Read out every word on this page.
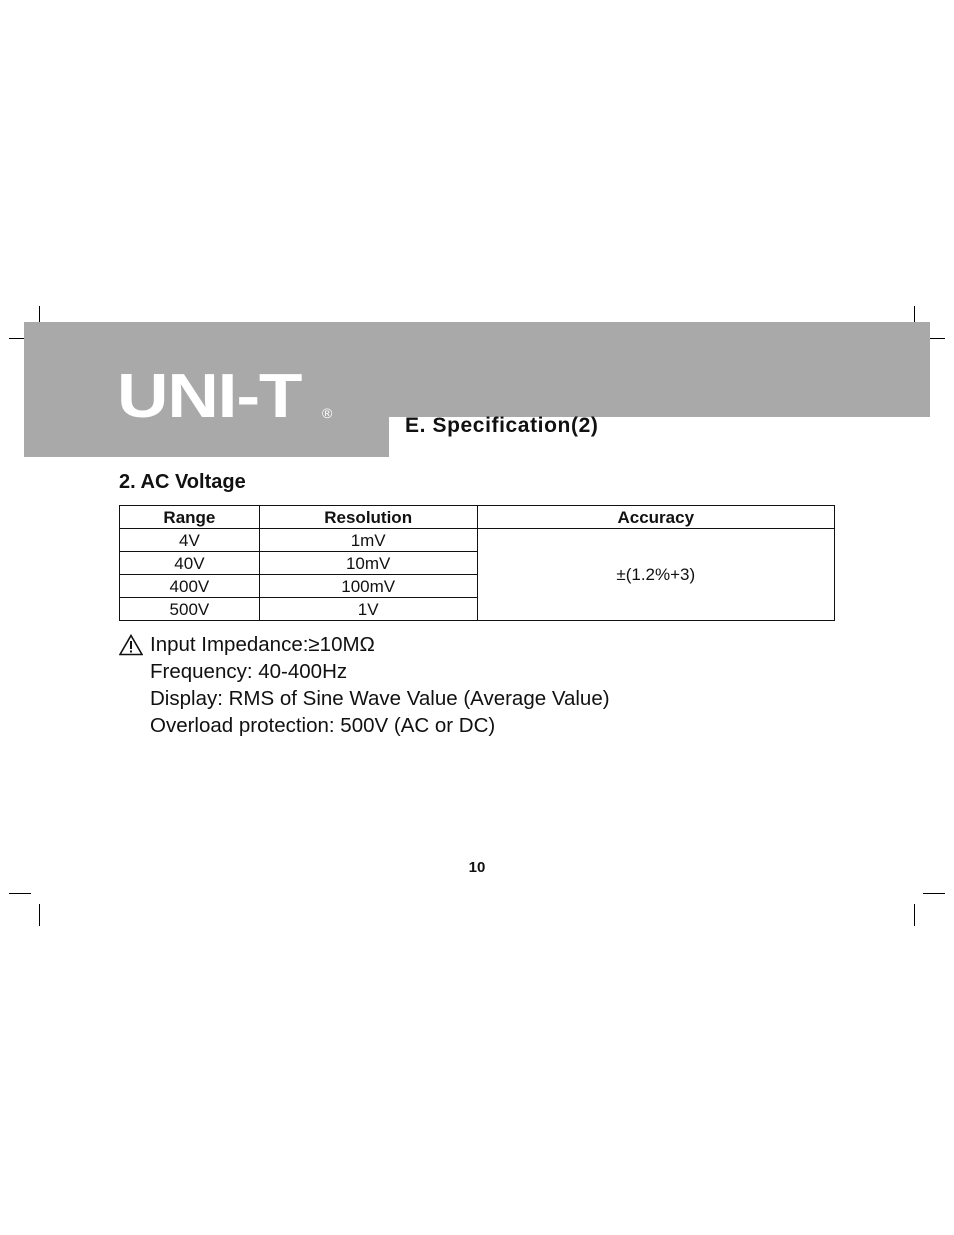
UNI-T ®
E. Specification(2)
2. AC Voltage
Range	Resolution	Accuracy
4V	1mV	±(1.2%+3)
40V	10mV	
400V	100mV	
500V	1V	
Input Impedance:≥10MΩ
Frequency: 40-400Hz
Display: RMS of Sine Wave Value (Average Value)
Overload protection: 500V (AC or DC)
10
